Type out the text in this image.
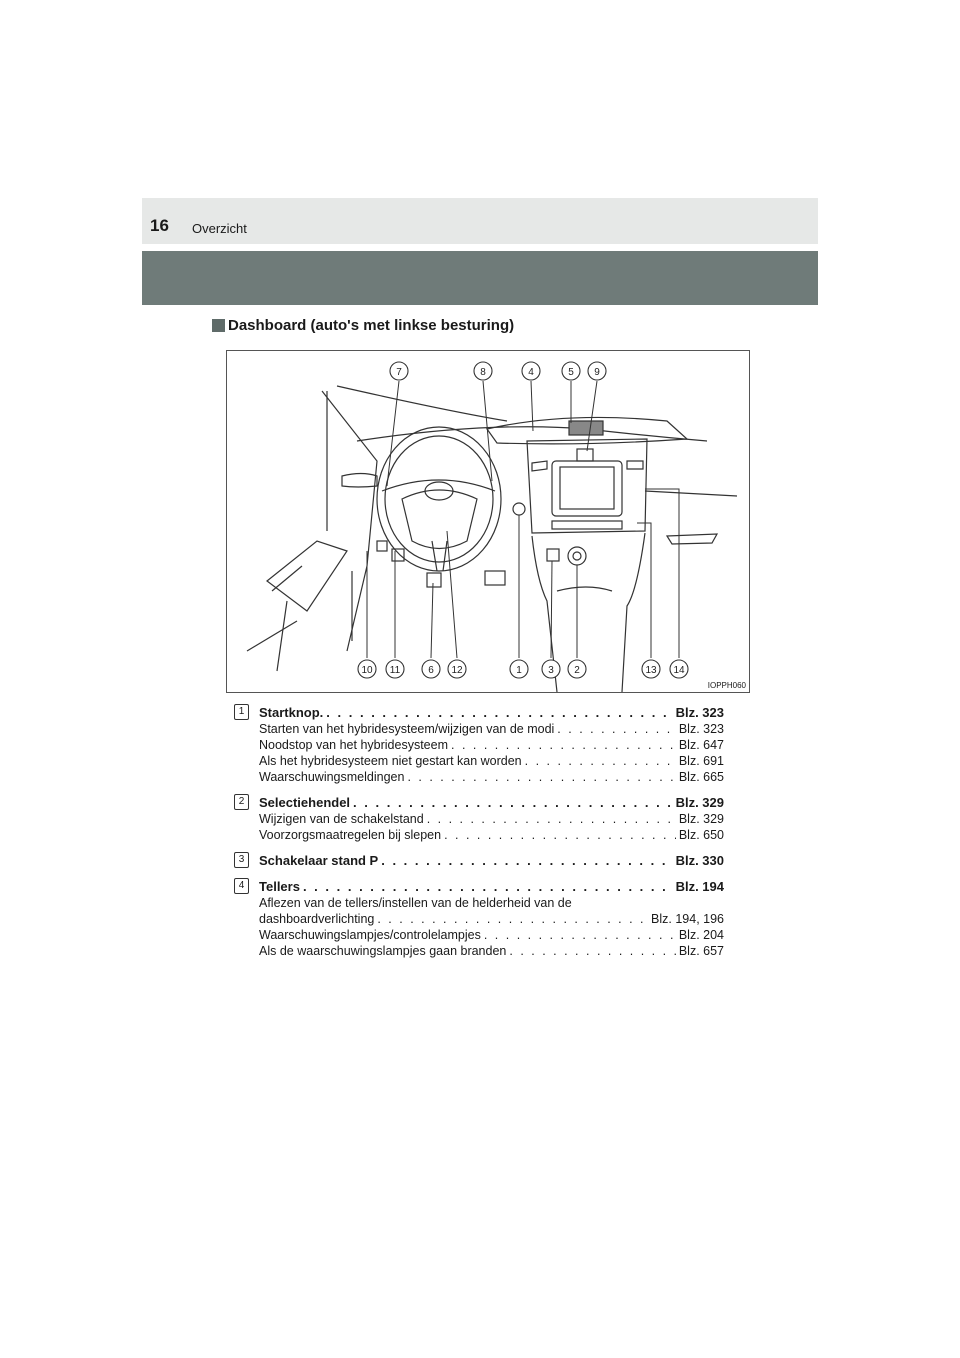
16 Overzicht
Dashboard (auto's met linkse besturing)
7	8	4	5 9
10 11	6 12	1	3 2	13 14
IOPPH060
1	Startknop. . . .	Blz. 323
Starten van het hybridesysteem/wijzigen van de modi . . .	Blz. 323
Noodstop van het hybridesysteem . . .	Blz. 647
Als het hybridesysteem niet gestart kan worden . . .	Blz. 691
Waarschuwingsmeldingen . . .	Blz. 665
2	Selectiehendel . . .	Blz. 329
Wijzigen van de schakelstand . . .	Blz. 329
Voorzorgsmaatregelen bij slepen . . .	Blz. 650
3	Schakelaar stand P . . .	Blz. 330
4	Tellers . . .	Blz. 194
Aflezen van de tellers/instellen van de helderheid van de
dashboardverlichting . . .	Blz. 194, 196
Waarschuwingslampjes/controlelampjes . . .	Blz. 204
Als de waarschuwingslampjes gaan branden . . .	Blz. 657
